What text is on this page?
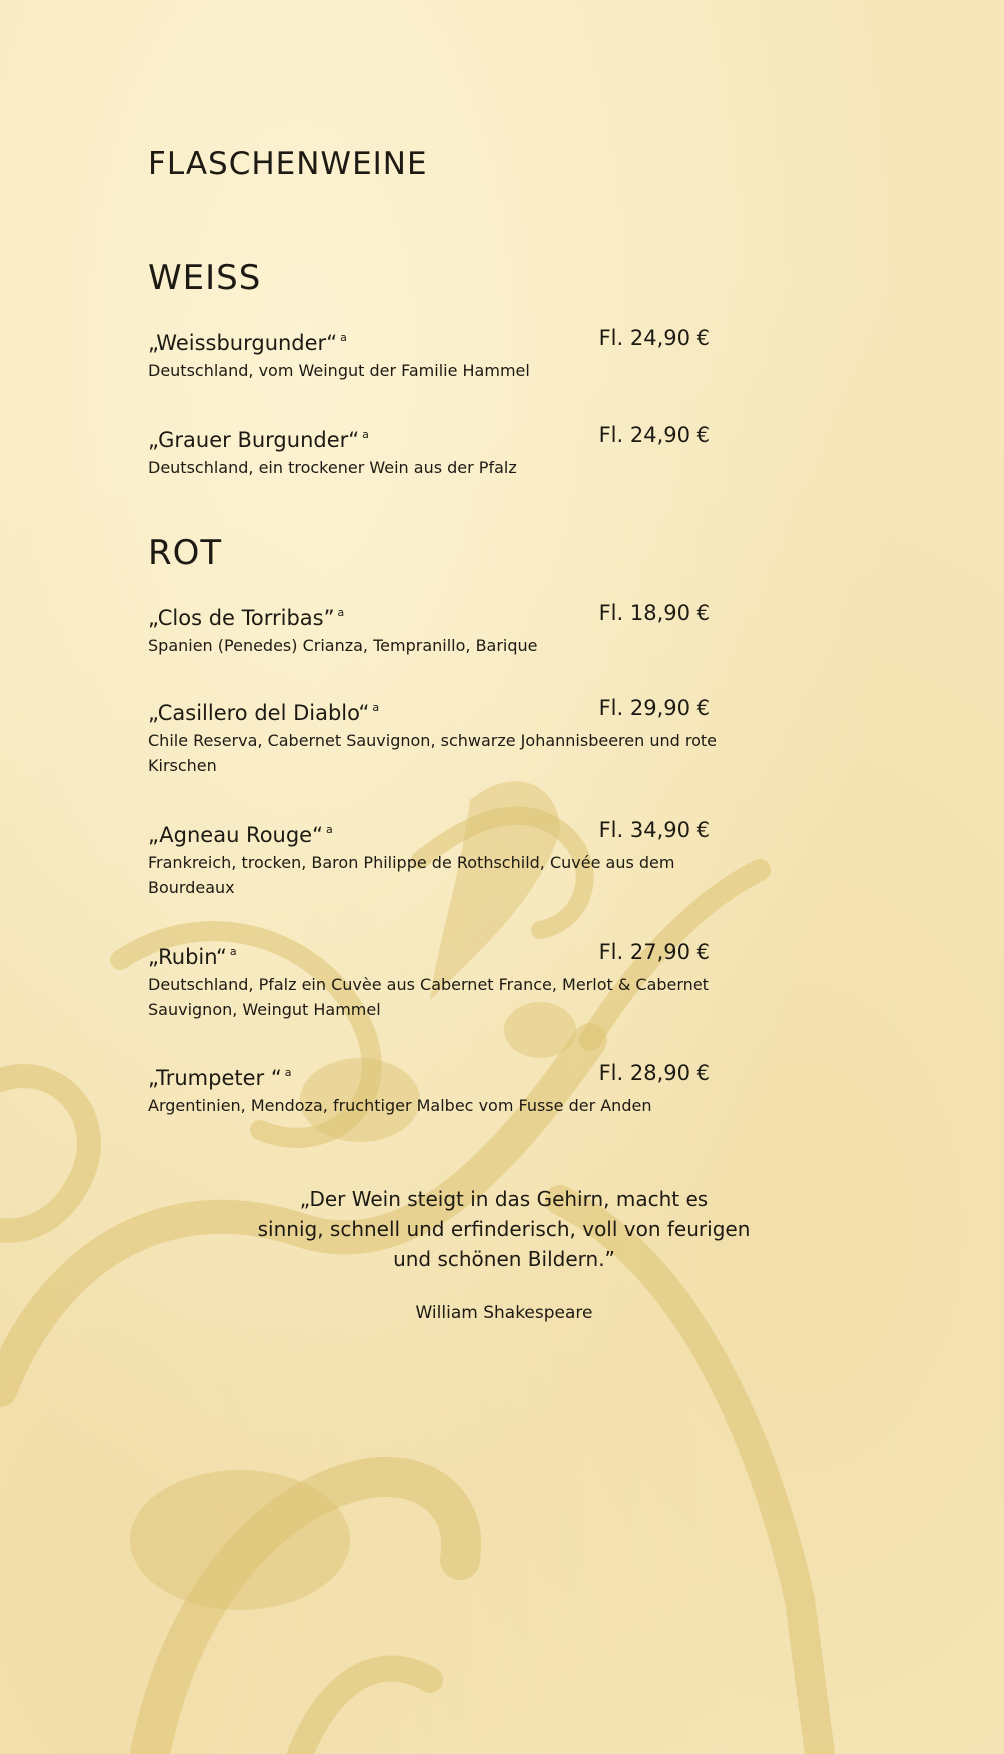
FLASCHENWEINE
WEISS
„Weissburgunder“ $^a$
Deutschland, vom Weingut der Familie Hammel
Fl. 24,90 €
„Grauer Burgunder“ $^a$
Deutschland, ein trockener Wein aus der Pfalz
Fl. 24,90 €
ROT
„Clos de Torribas” $^a$
Spanien (Penedes) Crianza, Tempranillo, Barique
Fl. 18,90 €
„Casillero del Diablo“ $^a$
Chile Reserva, Cabernet Sauvignon, schwarze Johannisbeeren und rote Kirschen
Fl. 29,90 €
„Agneau Rouge“ $^a$
Frankreich, trocken, Baron Philippe de Rothschild, Cuvée aus dem Bourdeaux
Fl. 34,90 €
„Rubin“ $^a$
Deutschland, Pfalz ein Cuvèe aus Cabernet France, Merlot & Cabernet Sauvignon, Weingut Hammel
Fl. 27,90 €
„Trumpeter “ $^a$
Argentinien, Mendoza, fruchtiger Malbec vom Fusse der Anden
Fl. 28,90 €
„Der Wein steigt in das Gehirn, macht es
sinnig, schnell und erfinderisch, voll von feurigen
und schönen Bildern.”
William Shakespeare
